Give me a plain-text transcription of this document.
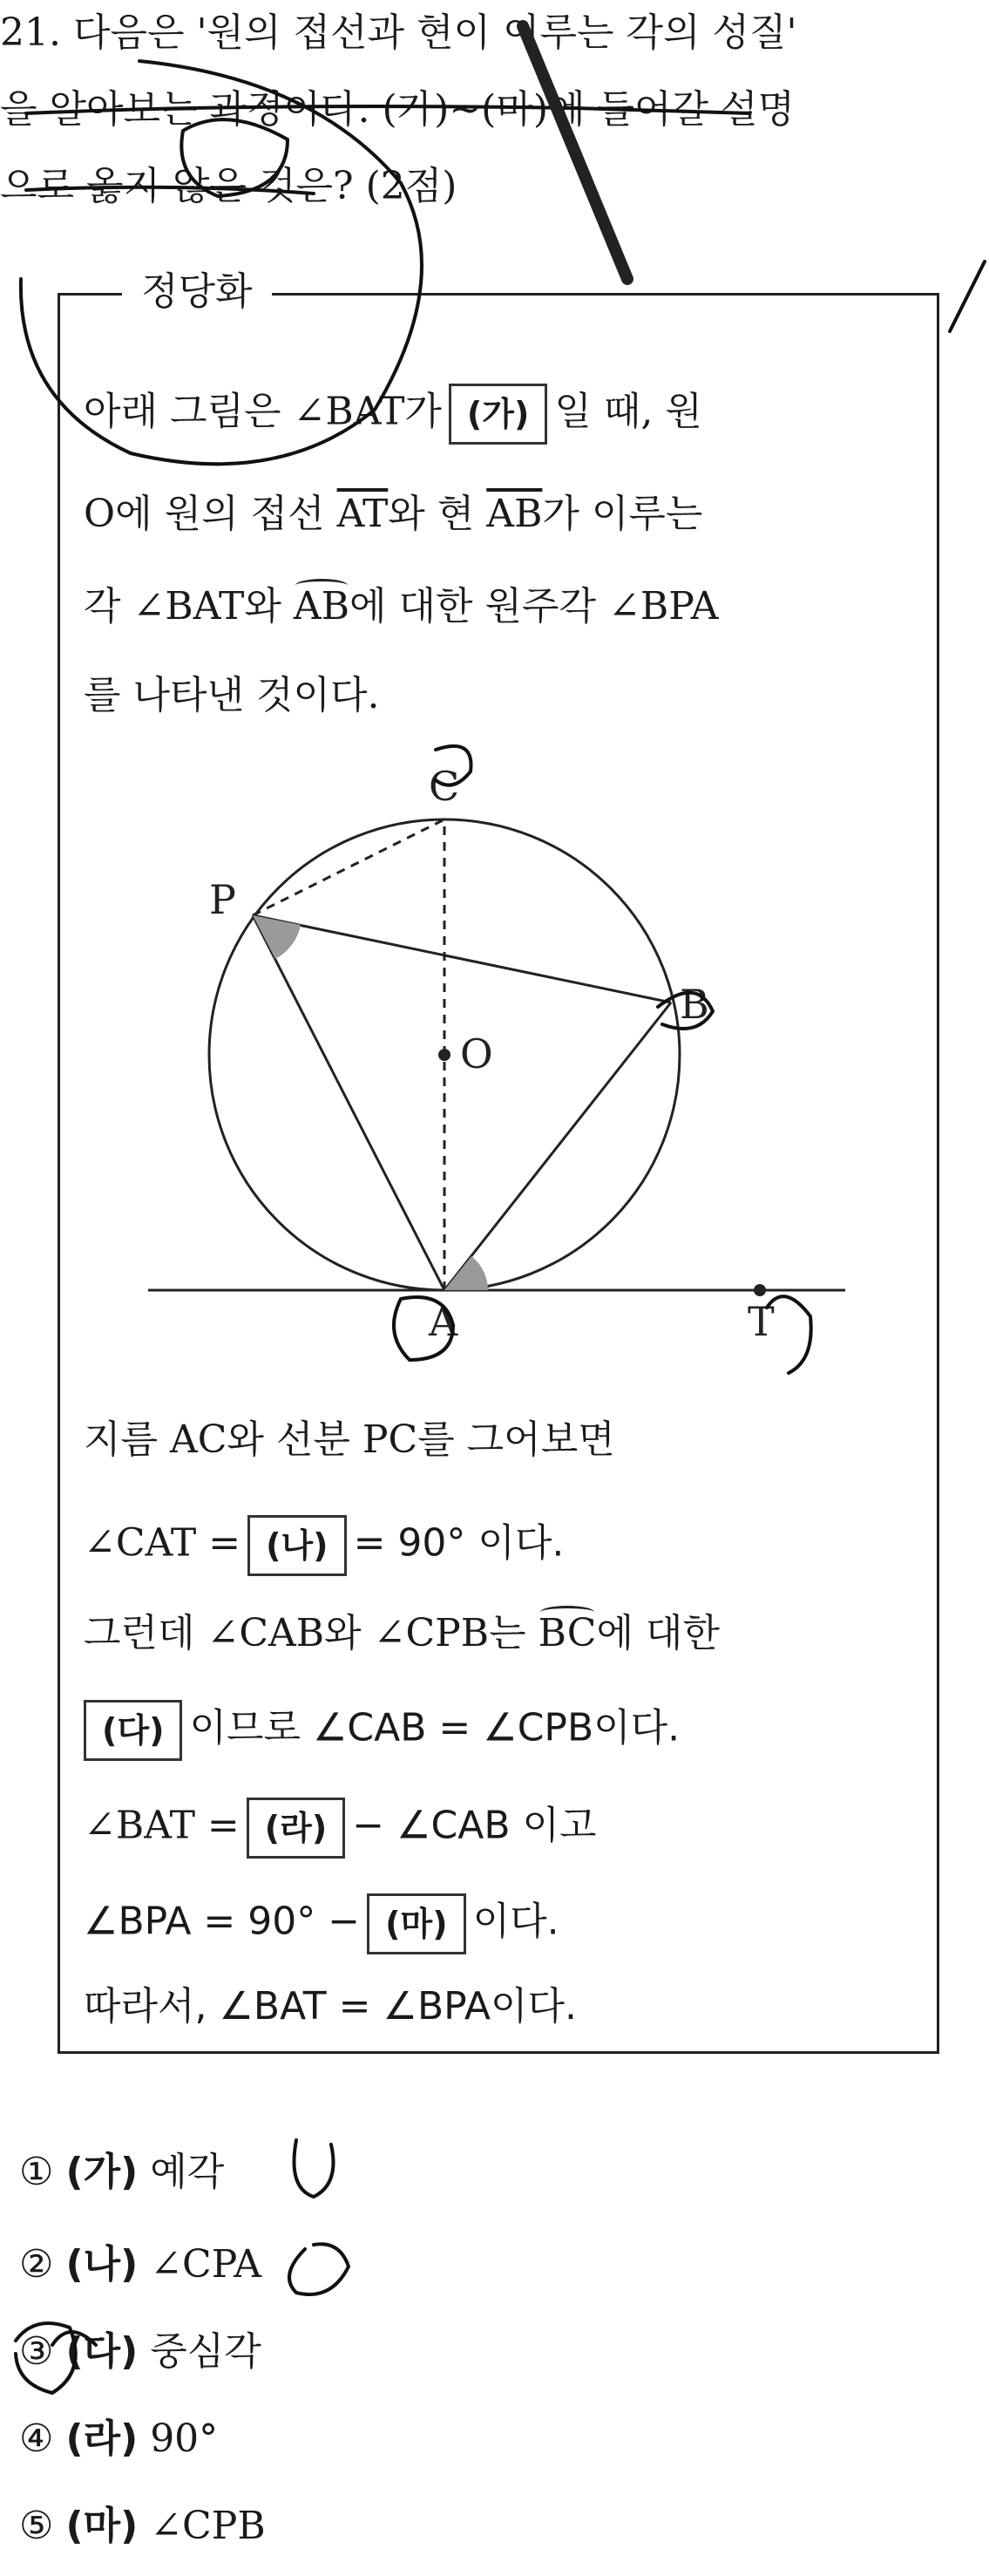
21. 다음은 '원의 접선과 현이 이루는 각의 성질'
을 알아보는 과정이다. (가)~(마)에 들어갈 설명
으로 옳지 않은 것은? (2점)
정당화
아래 그림은 ∠BAT가 (가) 일 때, 원
O에 원의 접선 $\overline{AT}$와 현 $\overline{AB}$가 이루는
각 ∠BAT와 AB에 대한 원주각 ∠BPA
를 나타낸 것이다.
C
P
B
O
A	T
지름 AC와 선분 PC를 그어보면
∠CAT = (나) = 90° 이다.
그런데 ∠CAB와 ∠CPB는 BC에 대한
(다) 이므로 ∠CAB = ∠CPB이다.
∠BAT = (라) − ∠CAB 이고
∠BPA = 90° − (마) 이다.
따라서, ∠BAT = ∠BPA이다.
① (가) 예각
② (나) ∠CPA
③ (다) 중심각
④ (라) 90°
⑤ (마) ∠CPB
